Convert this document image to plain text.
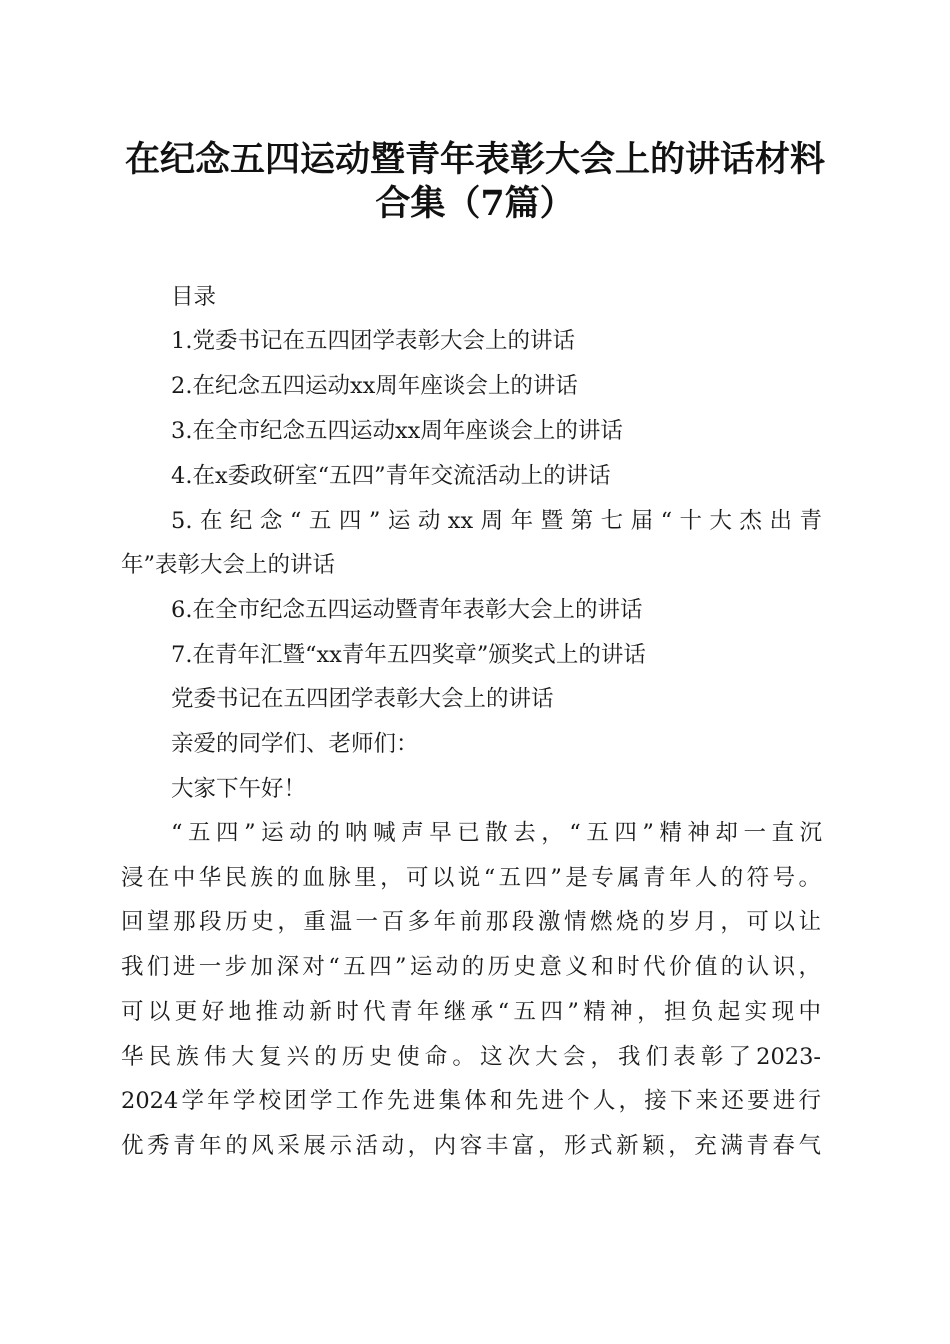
在纪念五四运动暨青年表彰大会上的讲话材料
合集（7篇）
目录
1.党委书记在五四团学表彰大会上的讲话
2.在纪念五四运动xx周年座谈会上的讲话
3.在全市纪念五四运动xx周年座谈会上的讲话
4.在x委政研室“五四”青年交流活动上的讲话
5.在纪念“五四”运动xx周年暨第七届“十大杰出青
年”表彰大会上的讲话
6.在全市纪念五四运动暨青年表彰大会上的讲话
7.在青年汇暨“xx青年五四奖章”颁奖式上的讲话
党委书记在五四团学表彰大会上的讲话
亲爱的同学们、老师们：
大家下午好！
“五四”运动的呐喊声早已散去，“五四”精神却一直沉
浸在中华民族的血脉里，可以说“五四”是专属青年人的符号。
回望那段历史，重温一百多年前那段激情燃烧的岁月，可以让
我们进一步加深对“五四”运动的历史意义和时代价值的认识，
可以更好地推动新时代青年继承“五四”精神，担负起实现中
华民族伟大复兴的历史使命。这次大会，我们表彰了2023-
2024学年学校团学工作先进集体和先进个人，接下来还要进行
优秀青年的风采展示活动，内容丰富，形式新颖，充满青春气
